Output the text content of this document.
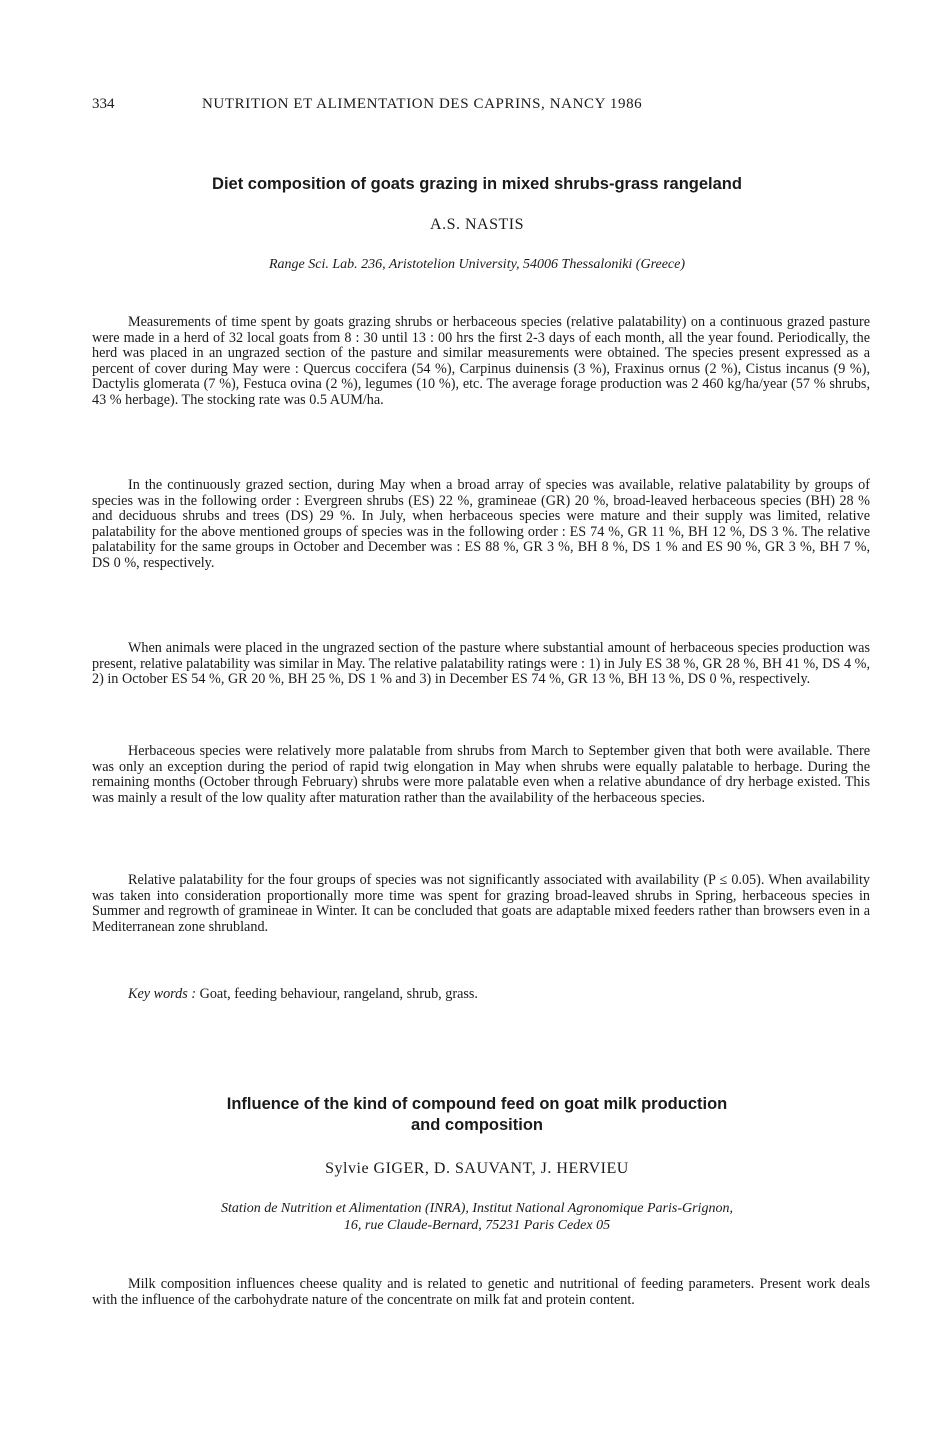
334	NUTRITION ET ALIMENTATION DES CAPRINS, NANCY 1986
Diet composition of goats grazing in mixed shrubs-grass rangeland
A.S. NASTIS
Range Sci. Lab. 236, Aristotelion University, 54006 Thessaloniki (Greece)

Measurements of time spent by goats grazing shrubs or herbaceous species (relative palatability) on a continuous grazed pasture were made in a herd of 32 local goats from 8 : 30 until 13 : 00 hrs the first 2-3 days of each month, all the year found. Periodically, the herd was placed in an ungrazed section of the pasture and similar measurements were obtained. The species present expressed as a percent of cover during May were : Quercus coccifera (54 %), Carpinus duinensis (3 %), Fraxinus ornus (2 %), Cistus incanus (9 %), Dactylis glomerata (7 %), Festuca ovina (2 %), legumes (10 %), etc. The average forage production was 2 460 kg/ha/year (57 % shrubs, 43 % herbage). The stocking rate was 0.5 AUM/ha.

In the continuously grazed section, during May when a broad array of species was available, relative palatability by groups of species was in the following order : Evergreen shrubs (ES) 22 %, gramineae (GR) 20 %, broad-leaved herbaceous species (BH) 28 % and deciduous shrubs and trees (DS) 29 %. In July, when herbaceous species were mature and their supply was limited, relative palatability for the above mentioned groups of species was in the following order : ES 74 %, GR 11 %, BH 12 %, DS 3 %. The relative palatability for the same groups in October and December was : ES 88 %, GR 3 %, BH 8 %, DS 1 % and ES 90 %, GR 3 %, BH 7 %, DS 0 %, respectively.

When animals were placed in the ungrazed section of the pasture where substantial amount of herbaceous species production was present, relative palatability was similar in May. The relative palatability ratings were : 1) in July ES 38 %, GR 28 %, BH 41 %, DS 4 %, 2) in October ES 54 %, GR 20 %, BH 25 %, DS 1 % and 3) in December ES 74 %, GR 13 %, BH 13 %, DS 0 %, respectively.

Herbaceous species were relatively more palatable from shrubs from March to September given that both were available. There was only an exception during the period of rapid twig elongation in May when shrubs were equally palatable to herbage. During the remaining months (October through February) shrubs were more palatable even when a relative abundance of dry herbage existed. This was mainly a result of the low quality after maturation rather than the availability of the herbaceous species.

Relative palatability for the four groups of species was not significantly associated with availability (P ≤ 0.05). When availability was taken into consideration proportionally more time was spent for grazing broad-leaved shrubs in Spring, herbaceous species in Summer and regrowth of gramineae in Winter. It can be concluded that goats are adaptable mixed feeders rather than browsers even in a Mediterranean zone shrubland.

Key words : Goat, feeding behaviour, rangeland, shrub, grass.

Influence of the kind of compound feed on goat milk production
and composition
Sylvie GIGER, D. SAUVANT, J. HERVIEU
Station de Nutrition et Alimentation (INRA), Institut National Agronomique Paris-Grignon,
16, rue Claude-Bernard, 75231 Paris Cedex 05

Milk composition influences cheese quality and is related to genetic and nutritional of feeding parameters. Present work deals with the influence of the carbohydrate nature of the concentrate on milk fat and protein content.
